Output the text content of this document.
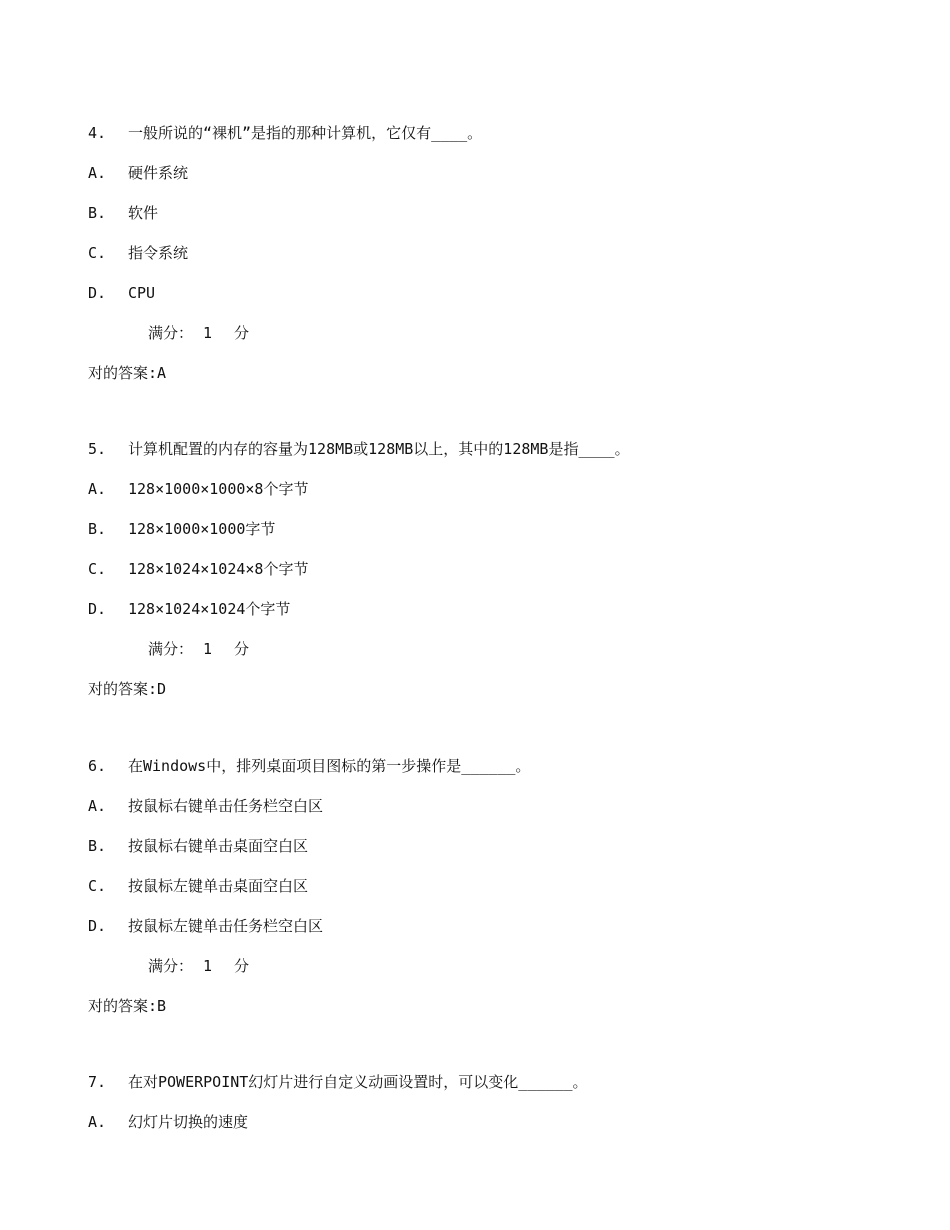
4. 一般所说的“裸机”是指的那种计算机，它仅有____。
A. 硬件系统
B. 软件
C. 指令系统
D. CPU
满分： 1 分
对的答案:A
5. 计算机配置的内存的容量为128MB或128MB以上，其中的128MB是指____。
A. 128×1000×1000×8个字节
B. 128×1000×1000字节
C. 128×1024×1024×8个字节
D. 128×1024×1024个字节
满分： 1 分
对的答案:D
6. 在Windows中，排列桌面项目图标的第一步操作是______。
A. 按鼠标右键单击任务栏空白区
B. 按鼠标右键单击桌面空白区
C. 按鼠标左键单击桌面空白区
D. 按鼠标左键单击任务栏空白区
满分： 1 分
对的答案:B
7. 在对POWERPOINT幻灯片进行自定义动画设置时，可以变化______。
A. 幻灯片切换的速度
